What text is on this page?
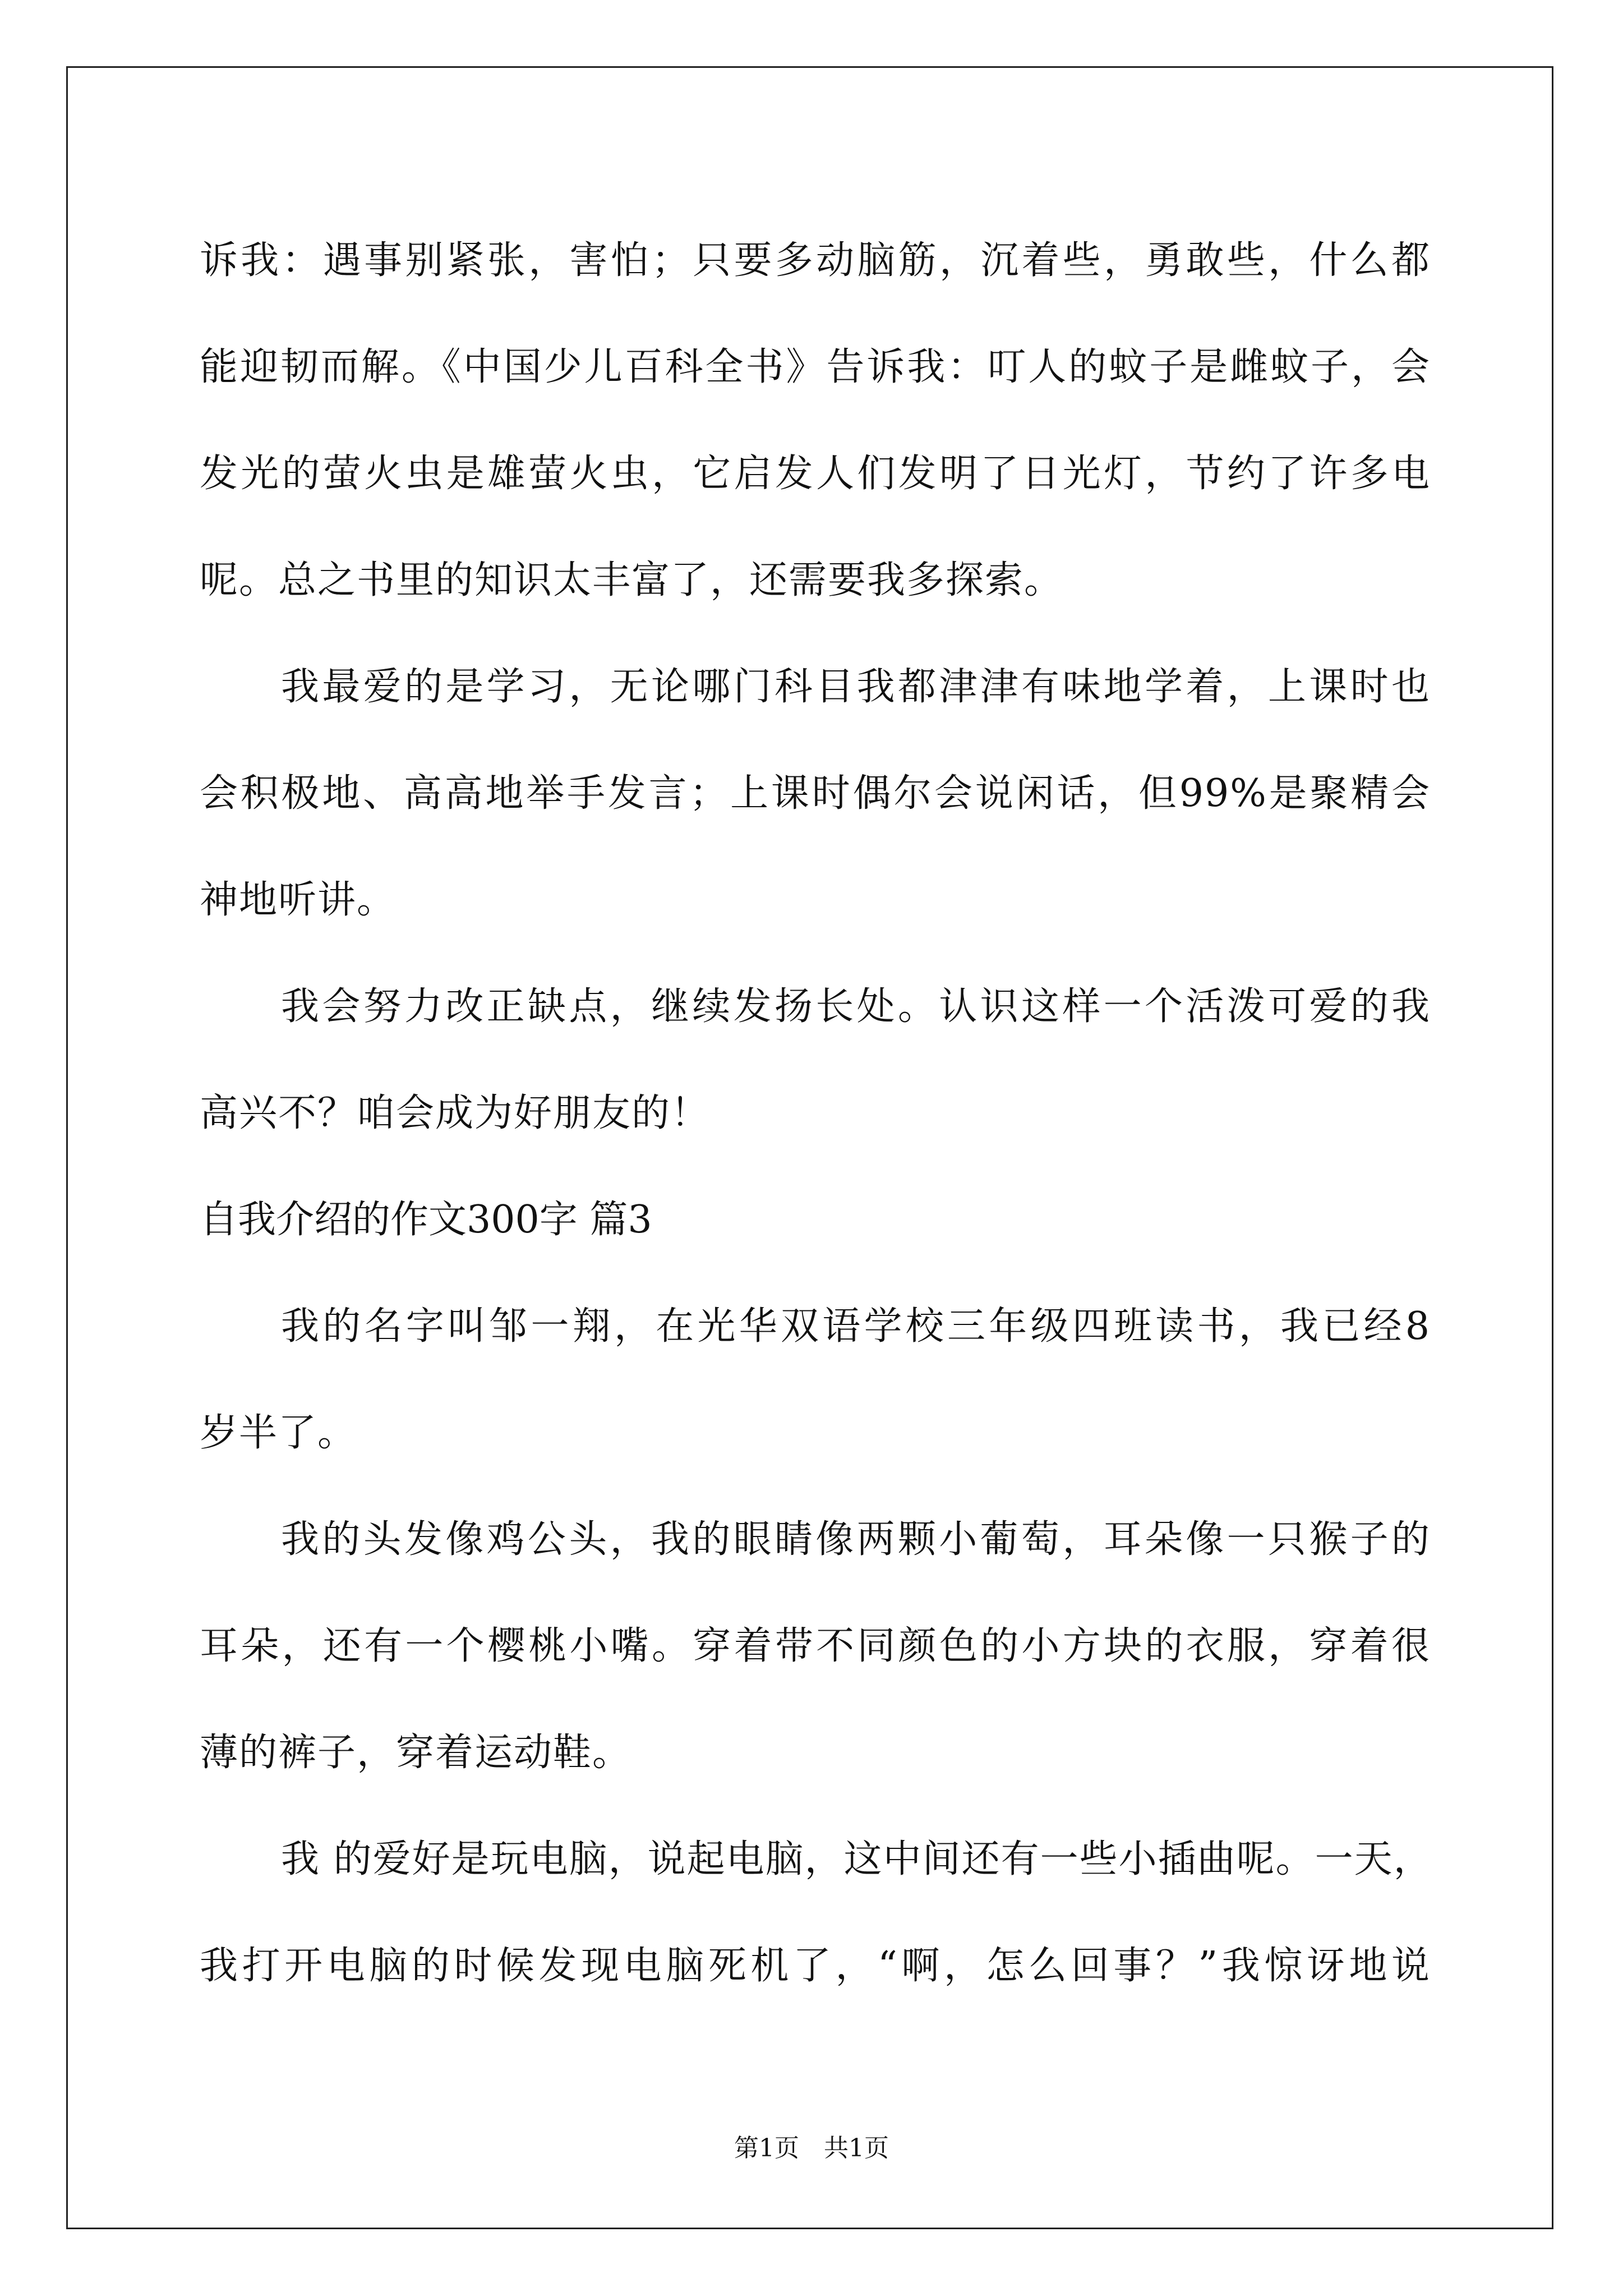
诉我：遇事别紧张，害怕；只要多动脑筋，沉着些，勇敢些，什么都
能迎韧而解。《中国少儿百科全书》告诉我：叮人的蚊子是雌蚊子，会
发光的萤火虫是雄萤火虫，它启发人们发明了日光灯，节约了许多电
呢。总之书里的知识太丰富了，还需要我多探索。
我最爱的是学习，无论哪门科目我都津津有味地学着，上课时也
会积极地、高高地举手发言；上课时偶尔会说闲话，但99%是聚精会
神地听讲。
我会努力改正缺点，继续发扬长处。认识这样一个活泼可爱的我
高兴不？咱会成为好朋友的！
自我介绍的作文300字 篇3
我的名字叫邹一翔，在光华双语学校三年级四班读书，我已经8
岁半了。
我的头发像鸡公头，我的眼睛像两颗小葡萄，耳朵像一只猴子的
耳朵，还有一个樱桃小嘴。穿着带不同颜色的小方块的衣服，穿着很
薄的裤子，穿着运动鞋。
我 的爱好是玩电脑，说起电脑，这中间还有一些小插曲呢。一天，
我打开电脑的时候发现电脑死机了，“啊，怎么回事？”我惊讶地说
第1页　共1页
